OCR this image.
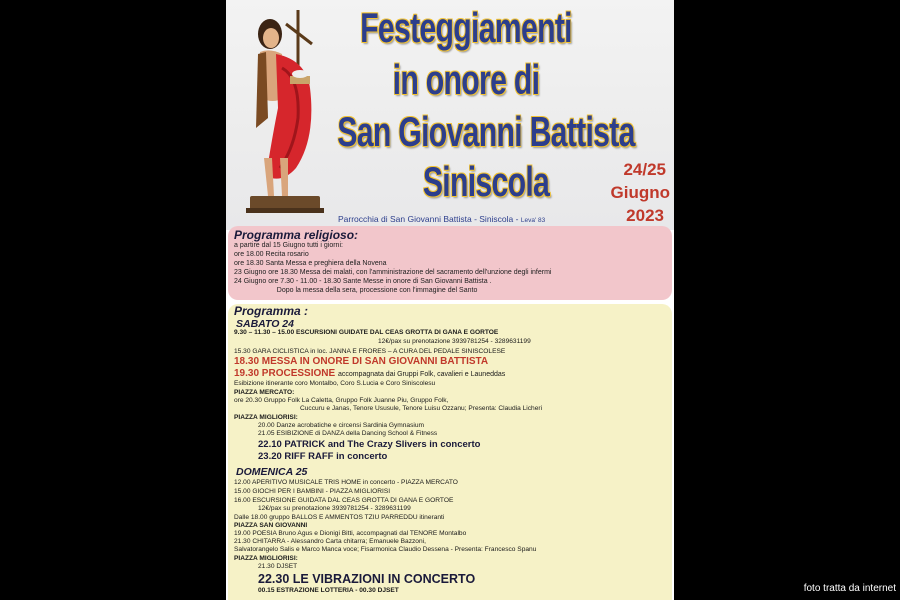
Festeggiamenti
in onore di
San Giovanni Battista
Siniscola	24/25
Giugno
2023
Parrocchia di San Giovanni Battista - Siniscola - Leva' 83
Programma religioso:
a partire dal 15 Giugno tutti i giorni:
ore 18.00 Recita rosario
ore 18.30 Santa Messa e preghiera della Novena
23 Giugno ore 18.30 Messa dei malati, con l'amministrazione del sacramento dell'unzione degli infermi
24 Giugno ore 7.30 - 11.00 - 18.30 Sante Messe in onore di San Giovanni Battista .
Dopo la messa della sera, processione con l'immagine del Santo
Programma :
SABATO 24
9.30 – 11.30 – 15.00 ESCURSIONI GUIDATE DAL CEAS GROTTA DI GANA E GORTOE
12€/pax su prenotazione 3939781254 - 3289631199
15.30 GARA CICLISTICA in loc. JANNA E FRORES – A CURA DEL PEDALE SINISCOLESE
18.30 MESSA IN ONORE DI SAN GIOVANNI BATTISTA
19.30 PROCESSIONE accompagnata dai Gruppi Folk, cavalieri e Launeddas
Esibizione itinerante coro Montalbo, Coro S.Lucia e Coro Siniscolesu
PIAZZA MERCATO:
ore 20.30 Gruppo Folk La Caletta, Gruppo Folk Juanne Piu, Gruppo Folk,
Cuccuru e Janas, Tenore Ususule, Tenore Luisu Ozzanu; Presenta: Claudia Licheri
PIAZZA MIGLIORISI:
20.00 Danze acrobatiche e circensi Sardinia Gymnasium
21.05 ESIBIZIONE di DANZA della Dancing School & Fitness
22.10 PATRICK and The Crazy Slivers in concerto
23.20 RIFF RAFF in concerto
DOMENICA 25
12.00 APERITIVO MUSICALE TRIS HOME in concerto - PIAZZA MERCATO
15.00 GIOCHI PER I BAMBINI - PIAZZA MIGLIORISI
16.00 ESCURSIONE GUIDATA DAL CEAS GROTTA DI GANA E GORTOE
12€/pax su prenotazione 3939781254 - 3289631199
Dalle 18.00 gruppo BALLOS E AMMENTOS TZIU PARREDDU itineranti
PIAZZA SAN GIOVANNI
19.00 POESIA Bruno Agus e Dionigi Bitti, accompagnati dal TENORE Montalbo
21.30 CHITARRA - Alessandro Carta chitarra; Emanuele Bazzoni,
Salvatorangelo Salis e Marco Manca voce; Fisarmonica Claudio Dessena - Presenta: Francesco Spanu
PIAZZA MIGLIORISI:
21.30 DJSET
22.30 LE VIBRAZIONI IN CONCERTO
00.15 ESTRAZIONE LOTTERIA - 00.30 DJSET	foto tratta da internet
